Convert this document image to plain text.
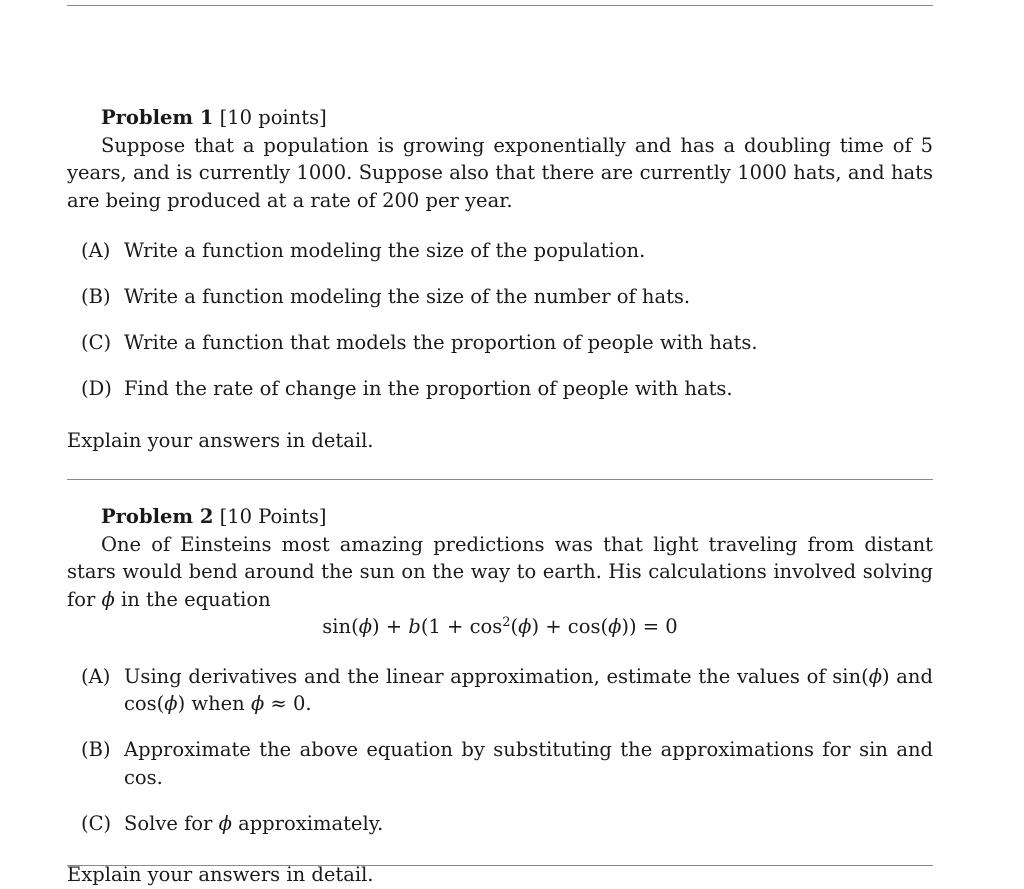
Problem 1 [10 points]

Suppose that a population is growing exponentially and has a doubling time of 5 years, and is currently 1000. Suppose also that there are currently 1000 hats, and hats are being produced at a rate of 200 per year.

(A) Write a function modeling the size of the population.
(B) Write a function modeling the size of the number of hats.
(C) Write a function that models the proportion of people with hats.
(D) Find the rate of change in the proportion of people with hats.

Explain your answers in detail.

Problem 2 [10 Points]

One of Einsteins most amazing predictions was that light traveling from distant stars would bend around the sun on the way to earth. His calculations involved solving for ϕ in the equation

$\sin(\phi) + b(1 + \cos^2(\phi) + \cos(\phi)) = 0$

(A) Using derivatives and the linear approximation, estimate the values of sin(ϕ) and cos(ϕ) when ϕ ≈ 0.
(B) Approximate the above equation by substituting the approximations for sin and cos.
(C) Solve for ϕ approximately.

Explain your answers in detail.
